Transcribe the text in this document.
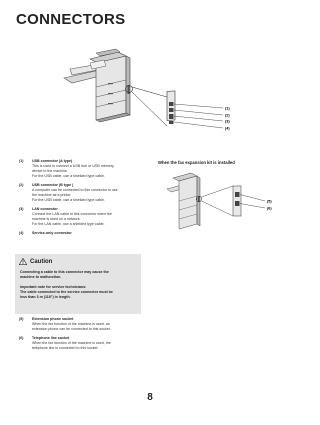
CONNECTORS
(1)
(2)
(3)
(4)
(1) USB connector (A type)
This is used to connect a USB hub or USB memory
device to the machine.
For the USB cable, use a shielded type cable.
(2) USB connector (B type )
A computer can be connected to this connector to use
the machine as a printer.
For the USB cable, use a shielded type cable.
(3) LAN connector
Connect the LAN cable to this connector when the
machine is used on a network.
For the LAN cable, use a shielded type cable.
(4) Service-only connector
Caution
Connecting a cable to this connector may cause the
machine to malfunction.
Important note for service technicians:
The cable connected to the service connector must be
less than 3 m (118") in length.
(5) Extension phone socket
When the fax function of the machine is used, an
extension phone can be connected to this socket.
(6) Telephone line socket
When the fax function of the machine is used, the
telephone line is connected to this socket.
When the fax expansion kit is installed
(5)
(6)
8
